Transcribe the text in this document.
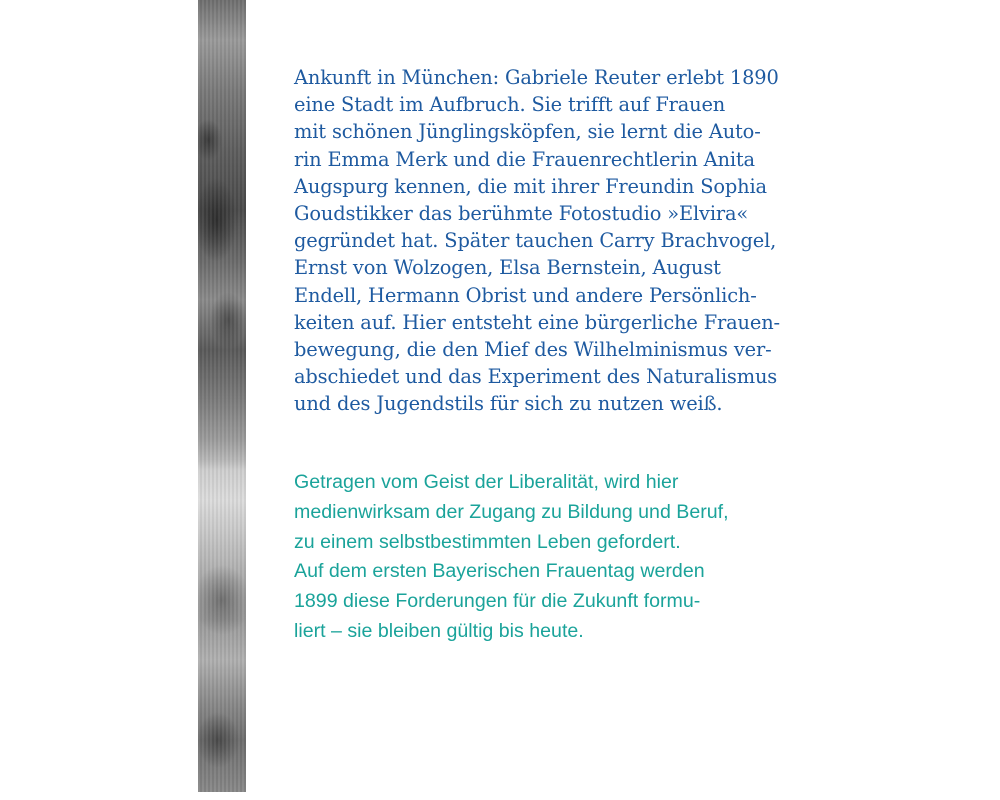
Ankunft in München: Gabriele Reuter erlebt 1890
eine Stadt im Aufbruch. Sie trifft auf Frauen
mit schönen Jünglingsköpfen, sie lernt die Auto-
rin Emma Merk und die Frauenrechtlerin Anita
Augspurg kennen, die mit ihrer Freundin Sophia
Goudstikker das berühmte Fotostudio »Elvira«
gegründet hat. Später tauchen Carry Brachvogel,
Ernst von Wolzogen, Elsa Bernstein, August
Endell, Hermann Obrist und andere Persönlich-
keiten auf. Hier entsteht eine bürgerliche Frauen-
bewegung, die den Mief des Wilhelminismus ver-
abschiedet und das Experiment des Naturalismus
und des Jugendstils für sich zu nutzen weiß.

Getragen vom Geist der Liberalität, wird hier
medienwirksam der Zugang zu Bildung und Beruf,
zu einem selbstbestimmten Leben gefordert.
Auf dem ersten Bayerischen Frauentag werden
1899 diese Forderungen für die Zukunft formu-
liert – sie bleiben gültig bis heute.
